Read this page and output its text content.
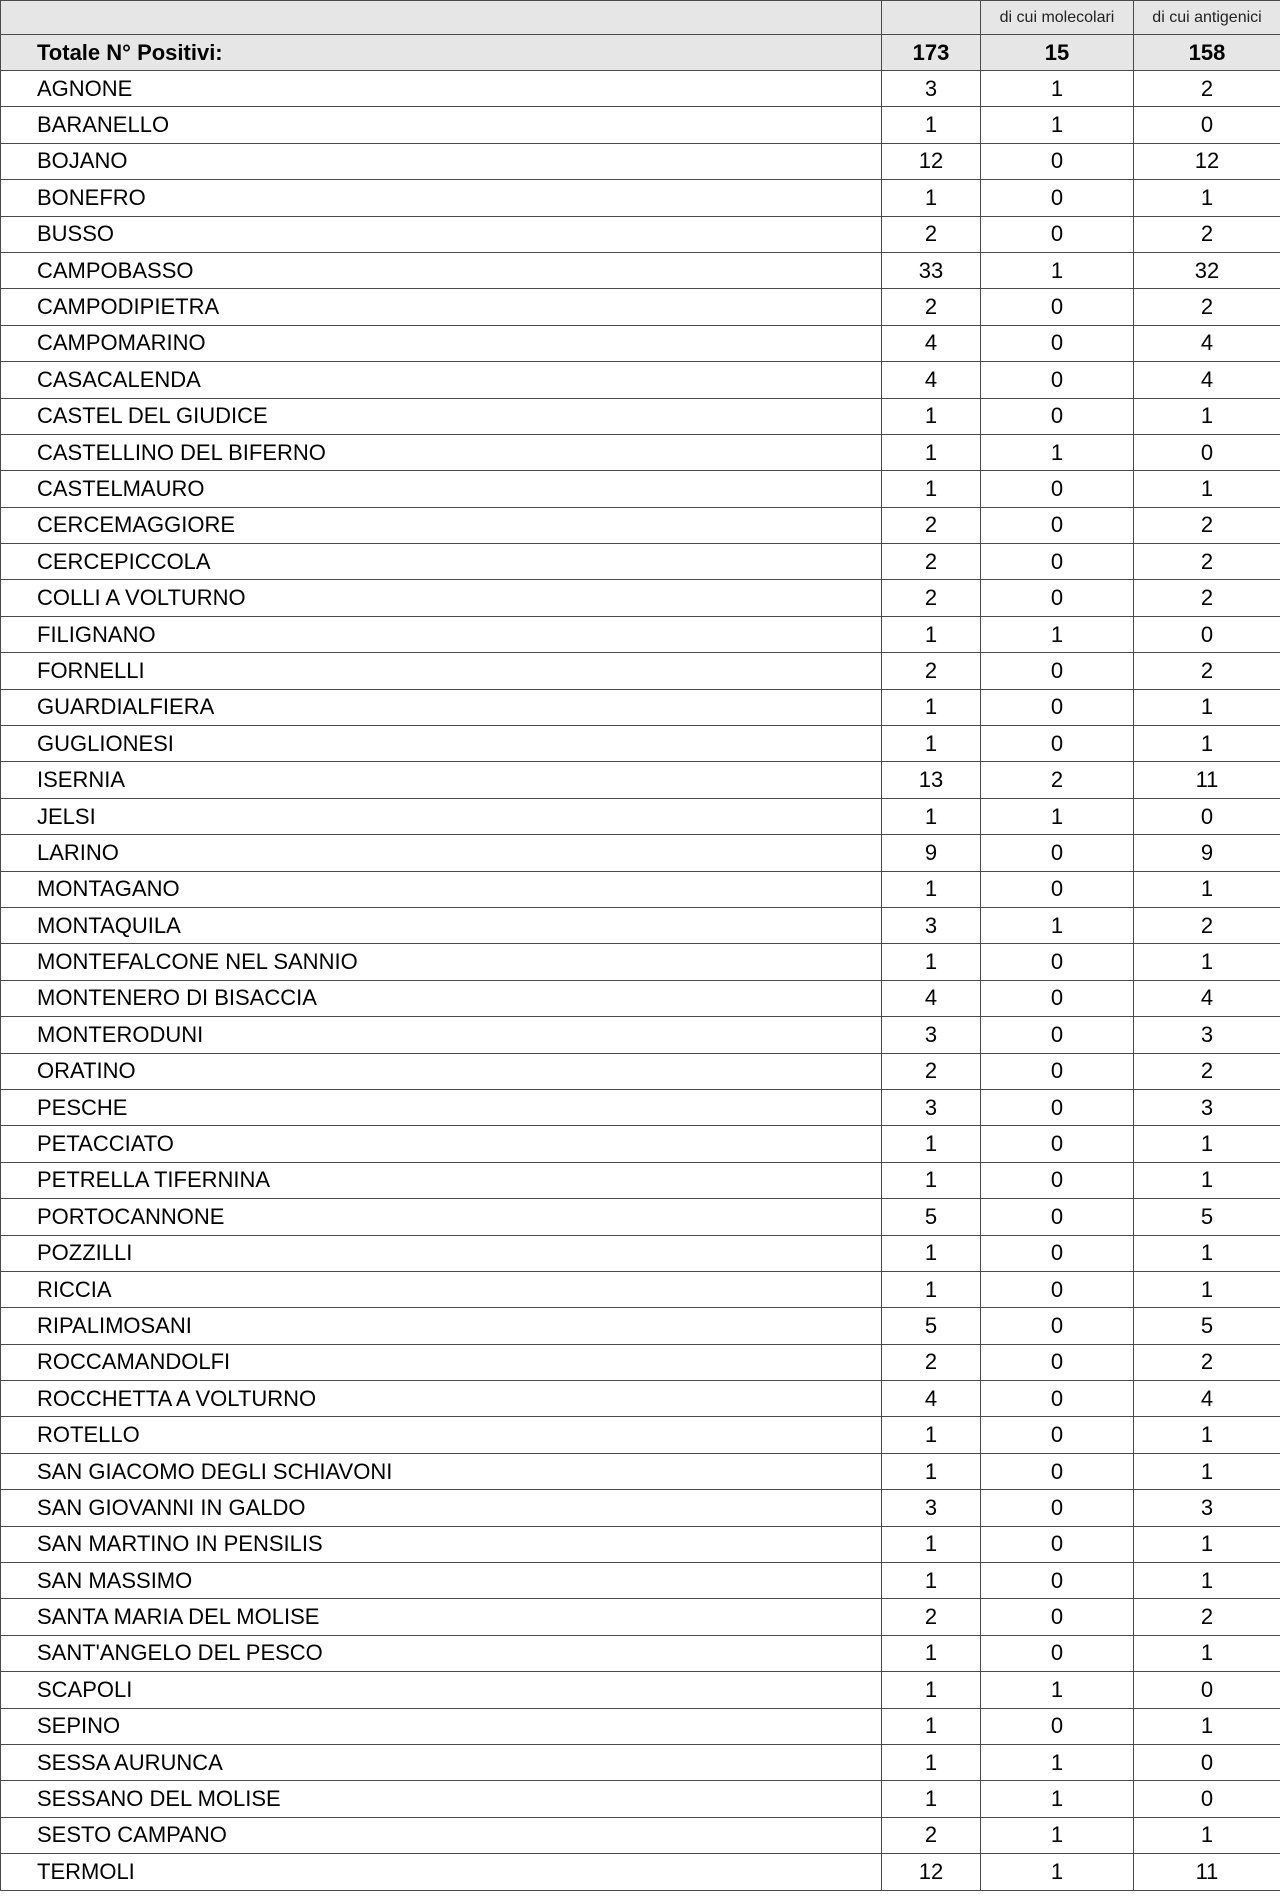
		di cui molecolari	di cui antigenici
Totale N° Positivi:	173	15	158
AGNONE	3	1	2
BARANELLO	1	1	0
BOJANO	12	0	12
BONEFRO	1	0	1
BUSSO	2	0	2
CAMPOBASSO	33	1	32
CAMPODIPIETRA	2	0	2
CAMPOMARINO	4	0	4
CASACALENDA	4	0	4
CASTEL DEL GIUDICE	1	0	1
CASTELLINO DEL BIFERNO	1	1	0
CASTELMAURO	1	0	1
CERCEMAGGIORE	2	0	2
CERCEPICCOLA	2	0	2
COLLI A VOLTURNO	2	0	2
FILIGNANO	1	1	0
FORNELLI	2	0	2
GUARDIALFIERA	1	0	1
GUGLIONESI	1	0	1
ISERNIA	13	2	11
JELSI	1	1	0
LARINO	9	0	9
MONTAGANO	1	0	1
MONTAQUILA	3	1	2
MONTEFALCONE NEL SANNIO	1	0	1
MONTENERO DI BISACCIA	4	0	4
MONTERODUNI	3	0	3
ORATINO	2	0	2
PESCHE	3	0	3
PETACCIATO	1	0	1
PETRELLA TIFERNINA	1	0	1
PORTOCANNONE	5	0	5
POZZILLI	1	0	1
RICCIA	1	0	1
RIPALIMOSANI	5	0	5
ROCCAMANDOLFI	2	0	2
ROCCHETTA A VOLTURNO	4	0	4
ROTELLO	1	0	1
SAN GIACOMO DEGLI SCHIAVONI	1	0	1
SAN GIOVANNI IN GALDO	3	0	3
SAN MARTINO IN PENSILIS	1	0	1
SAN MASSIMO	1	0	1
SANTA MARIA DEL MOLISE	2	0	2
SANT'ANGELO DEL PESCO	1	0	1
SCAPOLI	1	1	0
SEPINO	1	0	1
SESSA AURUNCA	1	1	0
SESSANO DEL MOLISE	1	1	0
SESTO CAMPANO	2	1	1
TERMOLI	12	1	11
